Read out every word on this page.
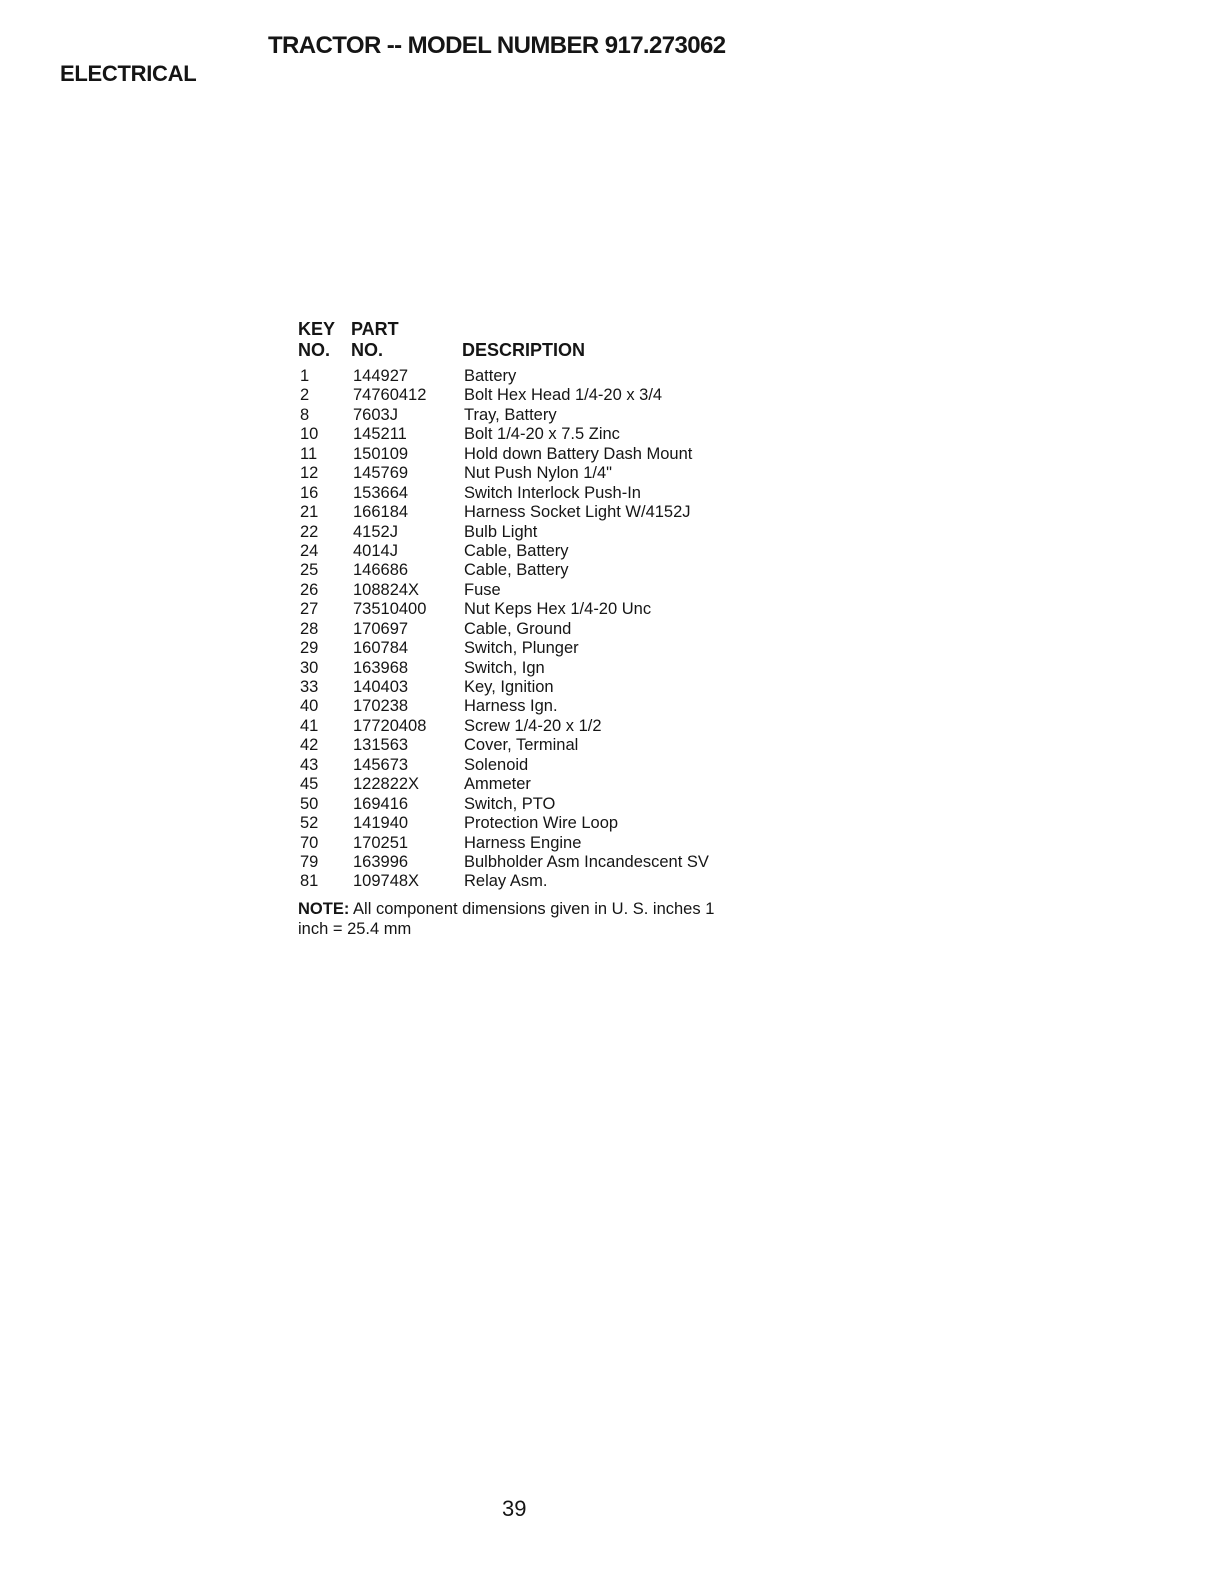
TRACTOR -- MODEL NUMBER 917.273062
ELECTRICAL
KEY PART
NO. NO.	DESCRIPTION
1	144927	Battery
2	74760412 Bolt Hex Head 1/4-20 x 3/4
8	7603J	Tray, Battery
10 145211	Bolt 1/4-20 x 7.5 Zinc
11 150109	Hold down Battery Dash Mount
12 145769	Nut Push Nylon 1/4"
16 153664	Switch Interlock Push-In
21 166184	Harness Socket Light W/4152J
22 4152J	Bulb Light
24 4014J	Cable, Battery
25 146686	Cable, Battery
26 108824X	Fuse
27 73510400 Nut Keps Hex 1/4-20 Unc
28 170697	Cable, Ground
29 160784	Switch, Plunger
30 163968	Switch, Ign
33 140403	Key, Ignition
40 170238	Harness Ign.
41 17720408 Screw 1/4-20 x 1/2
42 131563	Cover, Terminal
43 145673	Solenoid
45 122822X	Ammeter
50 169416	Switch, PTO
52 141940	Protection Wire Loop
70 170251	Harness Engine
79 163996	Bulbholder Asm Incandescent SV
81 109748X	Relay Asm.
NOTE: All component dimensions given in U. S. inches 1 inch = 25.4 mm
39
